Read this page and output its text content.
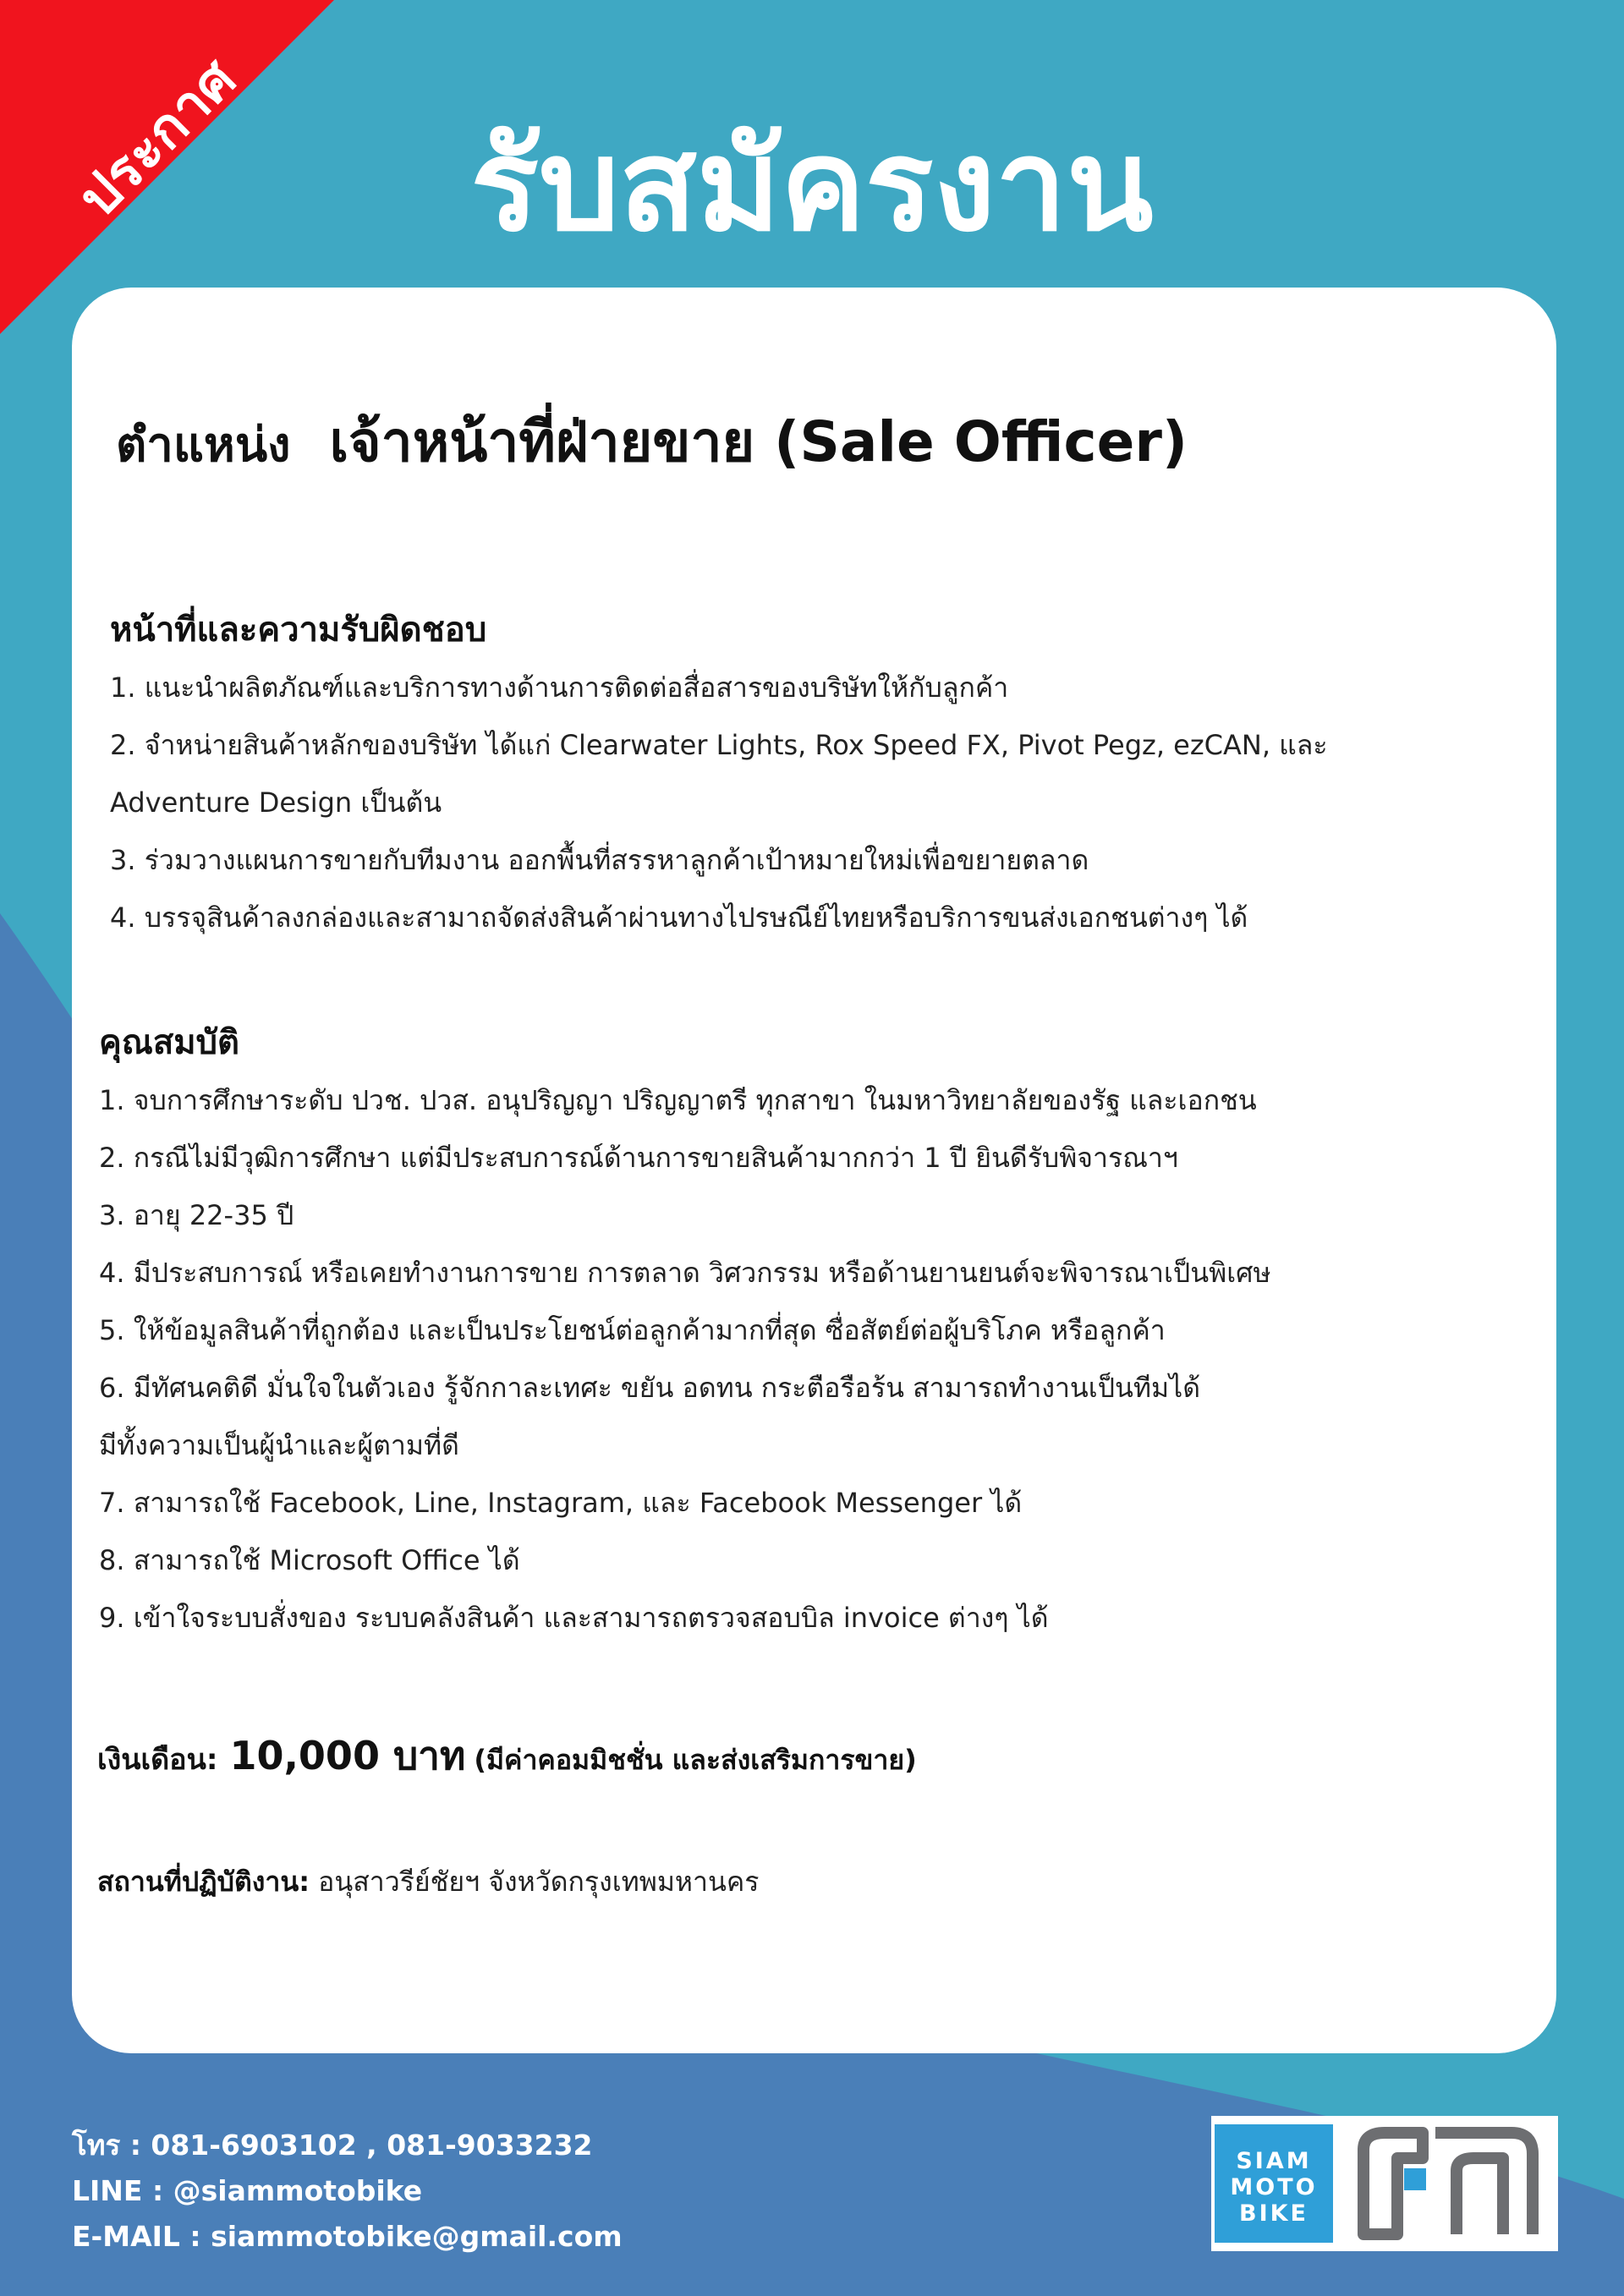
ประกาศ	รับสมัครงาน
ตำแหน่ง เจ้าหน้าที่ฝ่ายขาย (Sale Officer)
หน้าที่และความรับผิดชอบ
1. แนะนำผลิตภัณฑ์และบริการทางด้านการติดต่อสื่อสารของบริษัทให้กับลูกค้า
2. จำหน่ายสินค้าหลักของบริษัท ได้แก่ Clearwater Lights, Rox Speed FX, Pivot Pegz, ezCAN, และ
Adventure Design เป็นต้น
3. ร่วมวางแผนการขายกับทีมงาน ออกพื้นที่สรรหาลูกค้าเป้าหมายใหม่เพื่อขยายตลาด
4. บรรจุสินค้าลงกล่องและสามาถจัดส่งสินค้าผ่านทางไปรษณีย์ไทยหรือบริการขนส่งเอกชนต่างๆ ได้
คุณสมบัติ
1. จบการศึกษาระดับ ปวช. ปวส. อนุปริญญา ปริญญาตรี ทุกสาขา ในมหาวิทยาลัยของรัฐ และเอกชน
2. กรณีไม่มีวุฒิการศึกษา แต่มีประสบการณ์ด้านการขายสินค้ามากกว่า 1 ปี ยินดีรับพิจารณาฯ
3. อายุ 22-35 ปี
4. มีประสบการณ์ หรือเคยทำงานการขาย การตลาด วิศวกรรม หรือด้านยานยนต์จะพิจารณาเป็นพิเศษ
5. ให้ข้อมูลสินค้าที่ถูกต้อง และเป็นประโยชน์ต่อลูกค้ามากที่สุด ซื่อสัตย์ต่อผู้บริโภค หรือลูกค้า
6. มีทัศนคติดี มั่นใจในตัวเอง รู้จักกาละเทศะ ขยัน อดทน กระตือรือร้น สามารถทำงานเป็นทีมได้
มีทั้งความเป็นผู้นำและผู้ตามที่ดี
7. สามารถใช้ Facebook, Line, Instagram, และ Facebook Messenger ได้
8. สามารถใช้ Microsoft Office ได้
9. เข้าใจระบบสั่งของ ระบบคลังสินค้า และสามารถตรวจสอบบิล invoice ต่างๆ ได้
เงินเดือน: 10,000 บาท (มีค่าคอมมิชชั่น และส่งเสริมการขาย)
สถานที่ปฏิบัติงาน: อนุสาวรีย์ชัยฯ จังหวัดกรุงเทพมหานคร
โทร : 081-6903102 , 081-9033232
LINE : @siammotobike
E-MAIL : siammotobike@gmail.com
SIAM
MOTO
BIKE
